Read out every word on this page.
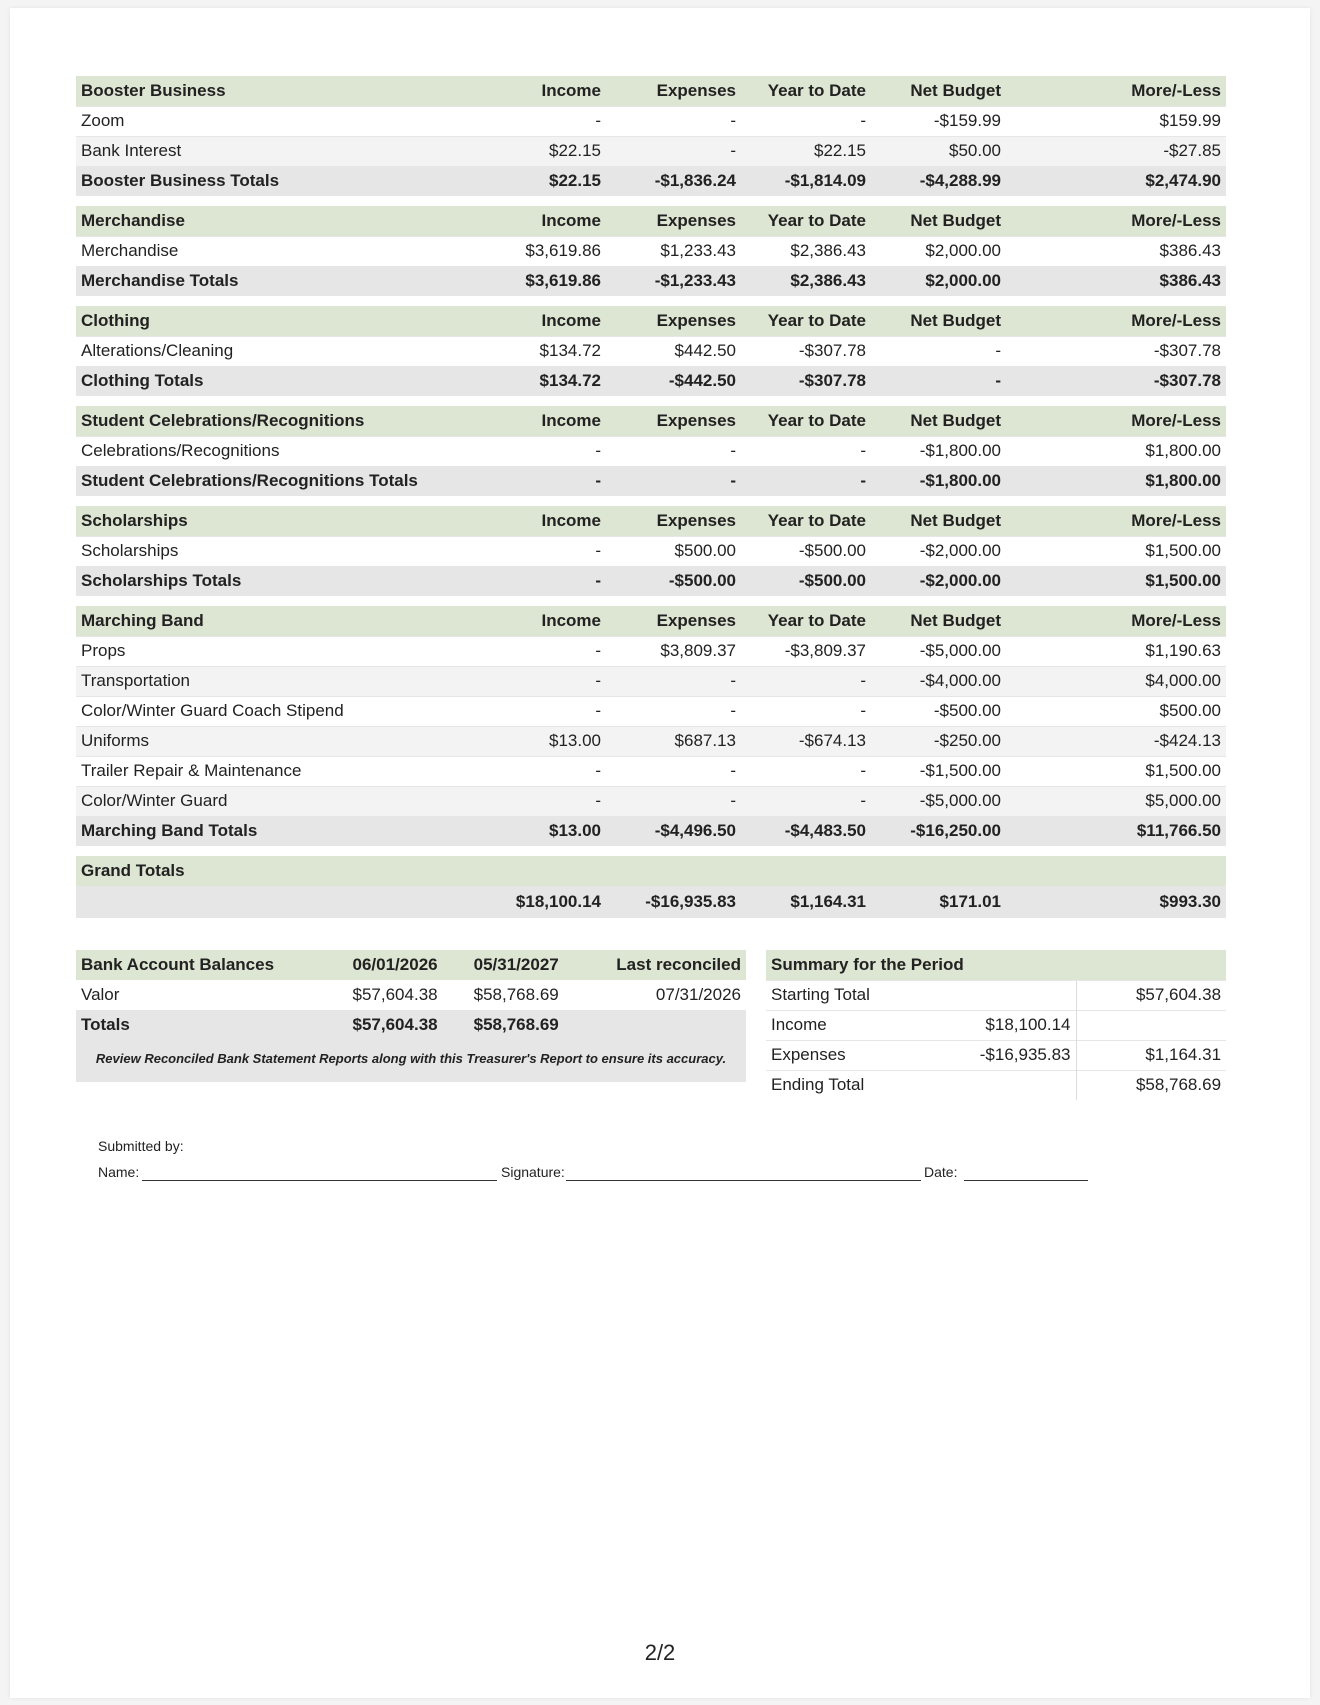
Booster Business	Income	Expenses	Year to Date	Net Budget	More/-Less
Zoom	-	-	-	-$159.99	$159.99
Bank Interest	$22.15	-	$22.15	$50.00	-$27.85
Booster Business Totals	$22.15	-$1,836.24	-$1,814.09	-$4,288.99	$2,474.90

Merchandise	Income	Expenses	Year to Date	Net Budget	More/-Less
Merchandise	$3,619.86	$1,233.43	$2,386.43	$2,000.00	$386.43
Merchandise Totals	$3,619.86	-$1,233.43	$2,386.43	$2,000.00	$386.43

Clothing	Income	Expenses	Year to Date	Net Budget	More/-Less
Alterations/Cleaning	$134.72	$442.50	-$307.78	-	-$307.78
Clothing Totals	$134.72	-$442.50	-$307.78	-	-$307.78

Student Celebrations/Recognitions	Income	Expenses	Year to Date	Net Budget	More/-Less
Celebrations/Recognitions	-	-	-	-$1,800.00	$1,800.00
Student Celebrations/Recognitions Totals	-	-	-	-$1,800.00	$1,800.00

Scholarships	Income	Expenses	Year to Date	Net Budget	More/-Less
Scholarships	-	$500.00	-$500.00	-$2,000.00	$1,500.00
Scholarships Totals	-	-$500.00	-$500.00	-$2,000.00	$1,500.00

Marching Band	Income	Expenses	Year to Date	Net Budget	More/-Less
Props	-	$3,809.37	-$3,809.37	-$5,000.00	$1,190.63
Transportation	-	-	-	-$4,000.00	$4,000.00
Color/Winter Guard Coach Stipend	-	-	-	-$500.00	$500.00
Uniforms	$13.00	$687.13	-$674.13	-$250.00	-$424.13
Trailer Repair & Maintenance	-	-	-	-$1,500.00	$1,500.00
Color/Winter Guard	-	-	-	-$5,000.00	$5,000.00
Marching Band Totals	$13.00	-$4,496.50	-$4,483.50	-$16,250.00	$11,766.50

Grand Totals					
	$18,100.14	-$16,935.83	$1,164.31	$171.01	$993.30
Bank Account Balances	06/01/2026	05/31/2027	Last reconciled
Valor	$57,604.38	$58,768.69	07/31/2026
Totals	$57,604.38	$58,768.69	
Review Reconciled Bank Statement Reports along with this Treasurer's Report to ensure its accuracy.			
Summary for the Period		
Starting Total		$57,604.38
Income	$18,100.14	
Expenses	-$16,935.83	$1,164.31
Ending Total		$58,768.69
Submitted by:
Name:	Signature:	Date:
2/2
